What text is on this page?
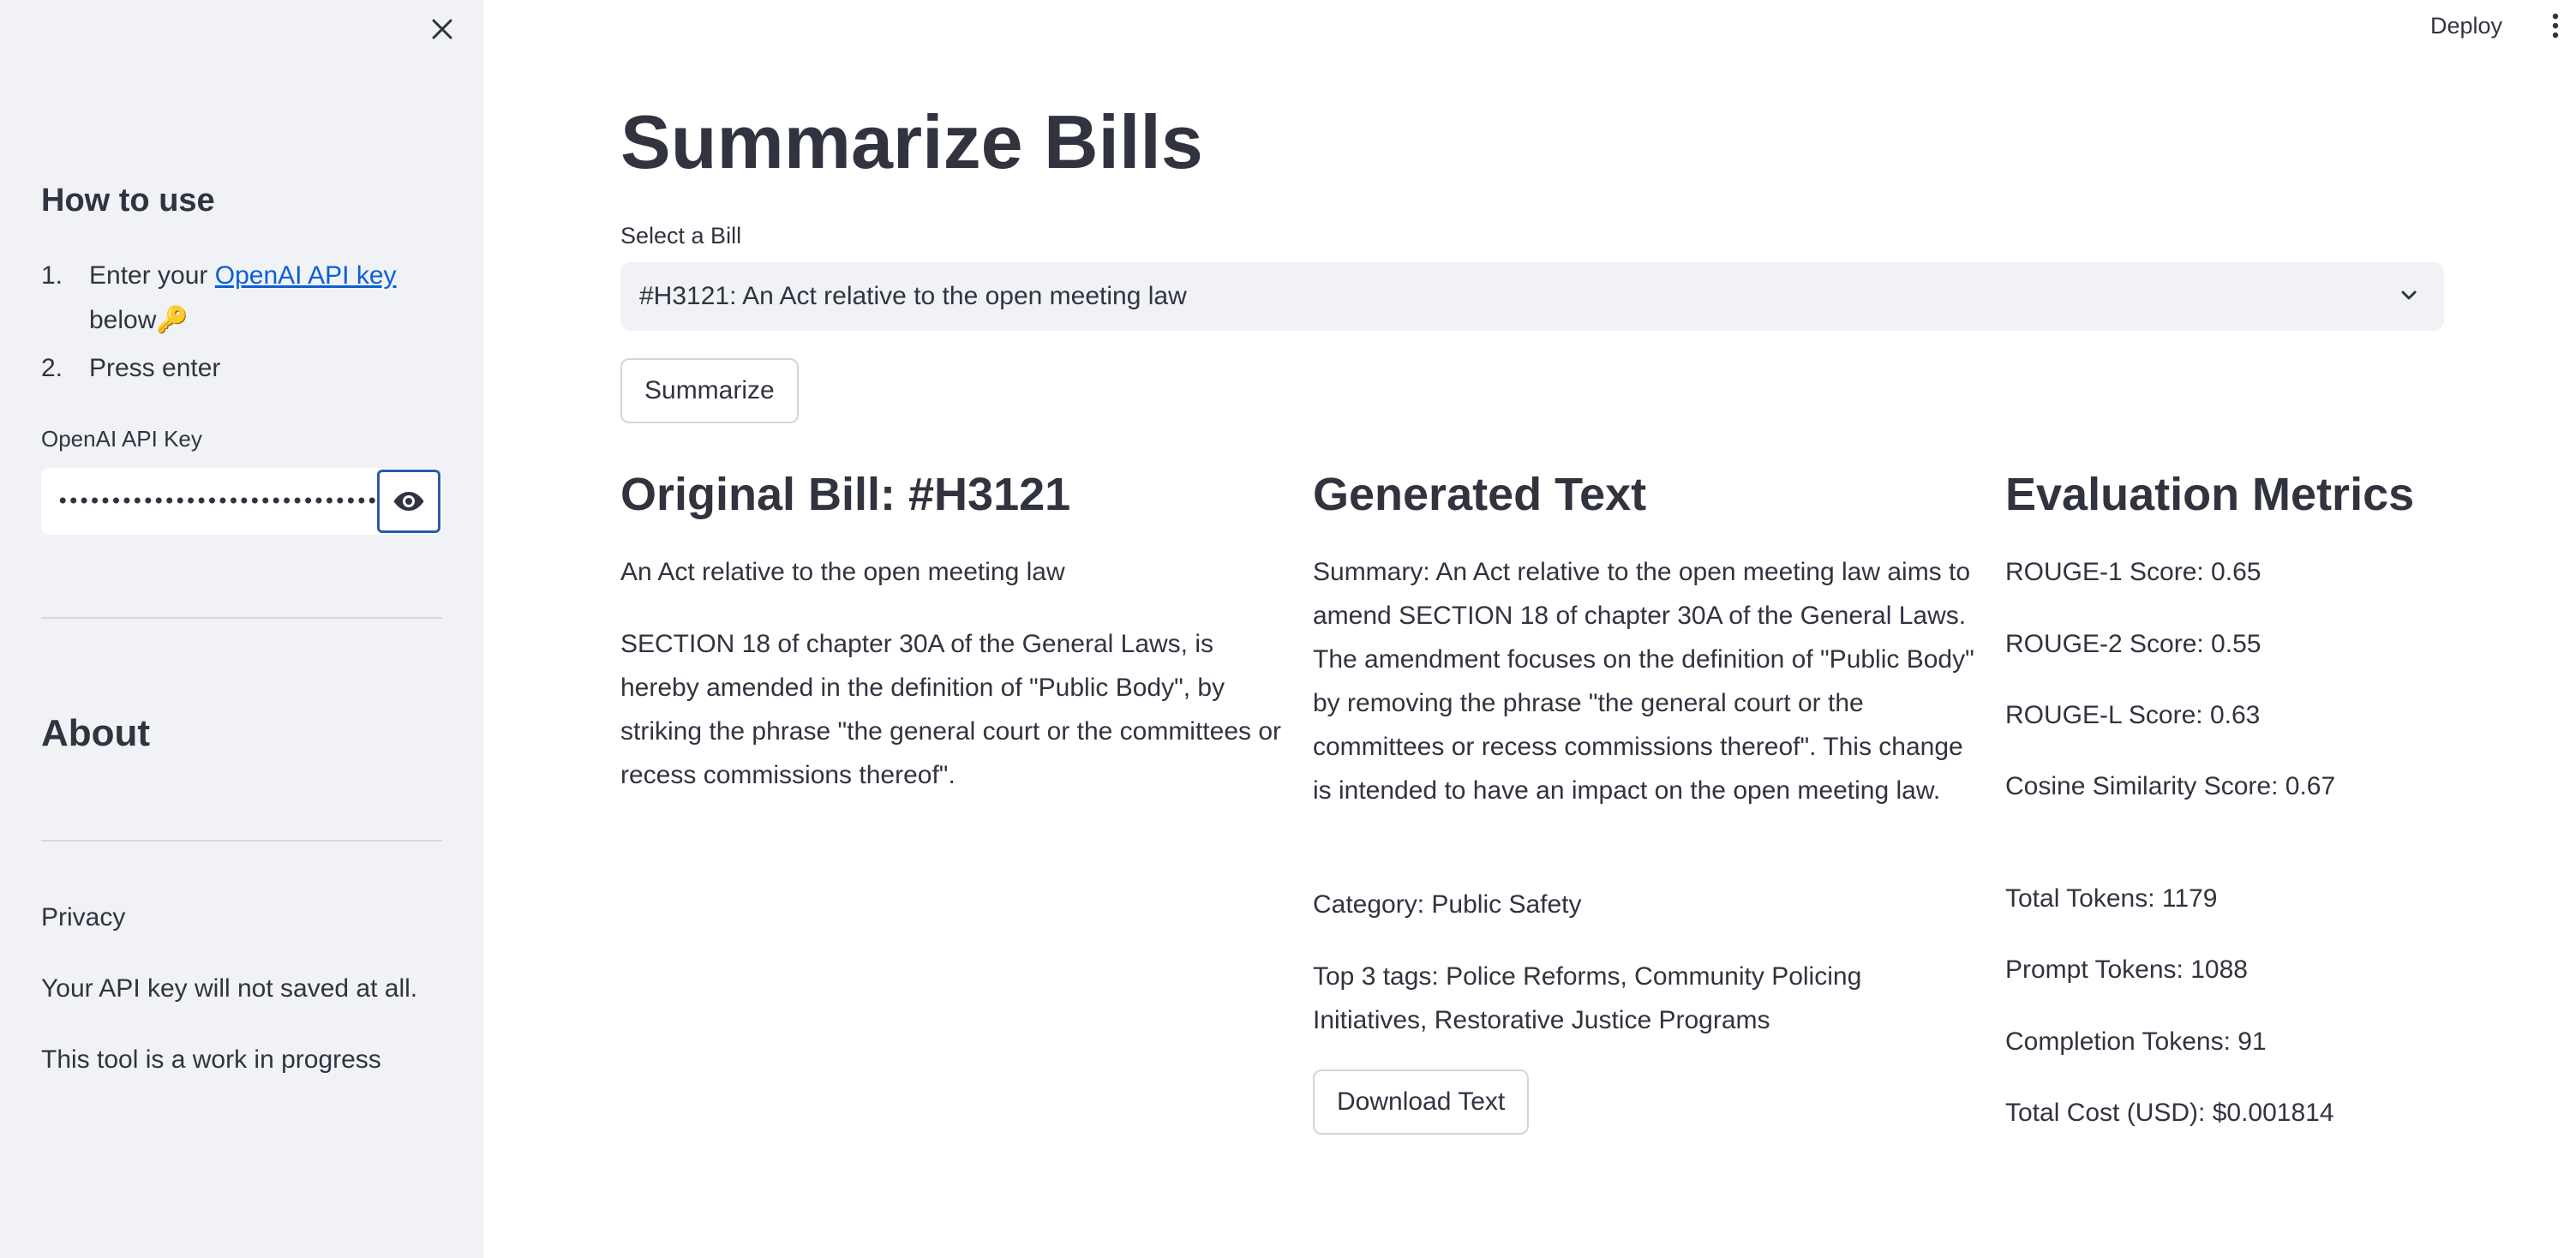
How to use
1.	Enter your OpenAI API key
below🔑
2.	Press enter
OpenAI API Key
••••••••••••••••••••••••••••••••••••
About

Privacy

Your API key will not saved at all.

This tool is a work in progress

Deploy
Summarize Bills
Select a Bill
#H3121: An Act relative to the open meeting law
Summarize
Original Bill: #H3121

An Act relative to the open meeting law

SECTION 18 of chapter 30A of the General Laws, is hereby amended in the definition of "Public Body", by striking the phrase "the general court or the committees or recess commissions thereof".

Generated Text

Summary: An Act relative to the open meeting law aims to amend SECTION 18 of chapter 30A of the General Laws. The amendment focuses on the definition of "Public Body" by removing the phrase "the general court or the committees or recess commissions thereof". This change is intended to have an impact on the open meeting law.

Category: Public Safety

Top 3 tags: Police Reforms, Community Policing Initiatives, Restorative Justice Programs

Download Text
Evaluation Metrics

ROUGE-1 Score: 0.65

ROUGE-2 Score: 0.55

ROUGE-L Score: 0.63

Cosine Similarity Score: 0.67

Total Tokens: 1179

Prompt Tokens: 1088

Completion Tokens: 91

Total Cost (USD): $0.001814
